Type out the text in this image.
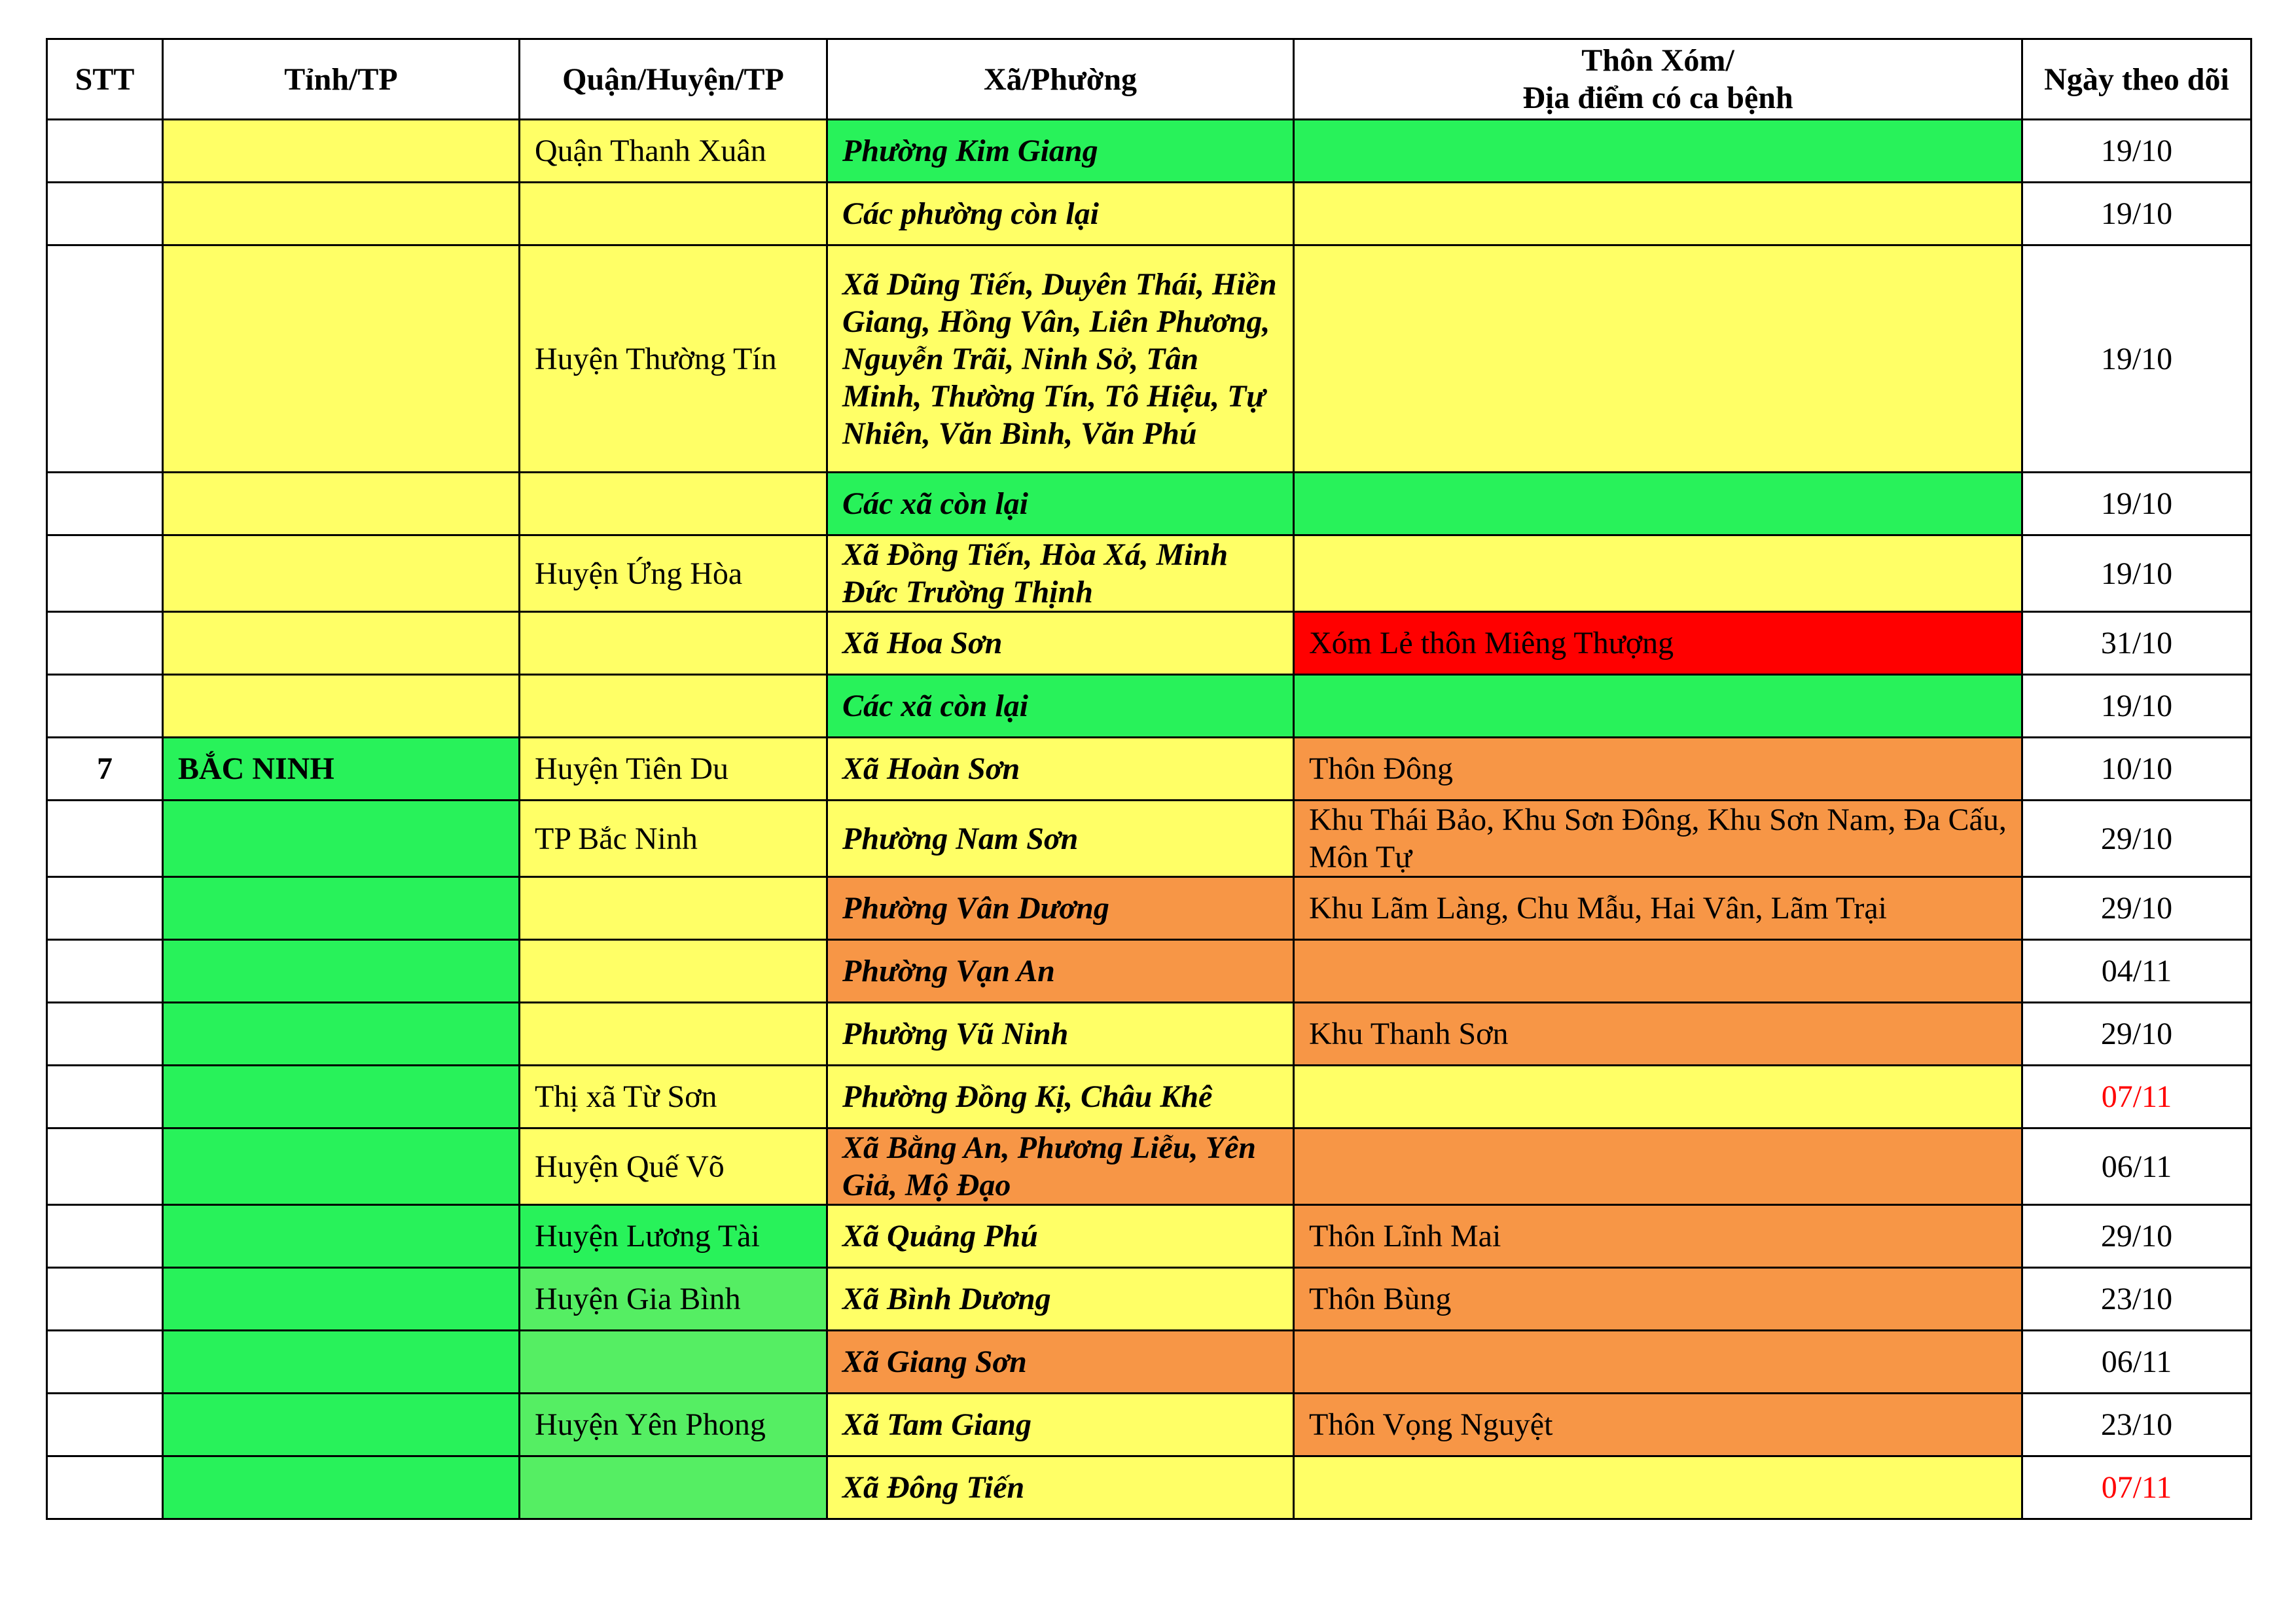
STT	Tỉnh/TP	Quận/Huyện/TP	Xã/Phường	Thôn Xóm/
Địa điểm có ca bệnh	Ngày theo dõi
		Quận Thanh Xuân	Phường Kim Giang		19/10
			Các phường còn lại		19/10
		Huyện Thường Tín	Xã Dũng Tiến, Duyên Thái, Hiền Giang, Hồng Vân, Liên Phương, Nguyễn Trãi, Ninh Sở, Tân Minh, Thường Tín, Tô Hiệu, Tự Nhiên, Văn Bình, Văn Phú		19/10
			Các xã còn lại		19/10
		Huyện Ứng Hòa	Xã Đồng Tiến, Hòa Xá, Minh Đức Trường Thịnh		19/10
			Xã Hoa Sơn	Xóm Lẻ thôn Miêng Thượng	31/10
			Các xã còn lại		19/10
7	BẮC NINH	Huyện Tiên Du	Xã Hoàn Sơn	Thôn Đông	10/10
		TP Bắc Ninh	Phường Nam Sơn	Khu Thái Bảo, Khu Sơn Đông, Khu Sơn Nam, Đa Cấu, Môn Tự	29/10
			Phường Vân Dương	Khu Lãm Làng, Chu Mẫu, Hai Vân, Lãm Trại	29/10
			Phường Vạn An		04/11
			Phường Vũ Ninh	Khu Thanh Sơn	29/10
		Thị xã Từ Sơn	Phường Đồng Kị, Châu Khê		07/11
		Huyện Quế Võ	Xã Bằng An, Phương Liễu, Yên Giả, Mộ Đạo		06/11
		Huyện Lương Tài	Xã Quảng Phú	Thôn Lĩnh Mai	29/10
		Huyện Gia Bình	Xã Bình Dương	Thôn Bùng	23/10
			Xã Giang Sơn		06/11
		Huyện Yên Phong	Xã Tam Giang	Thôn Vọng Nguyệt	23/10
			Xã Đông Tiến		07/11
